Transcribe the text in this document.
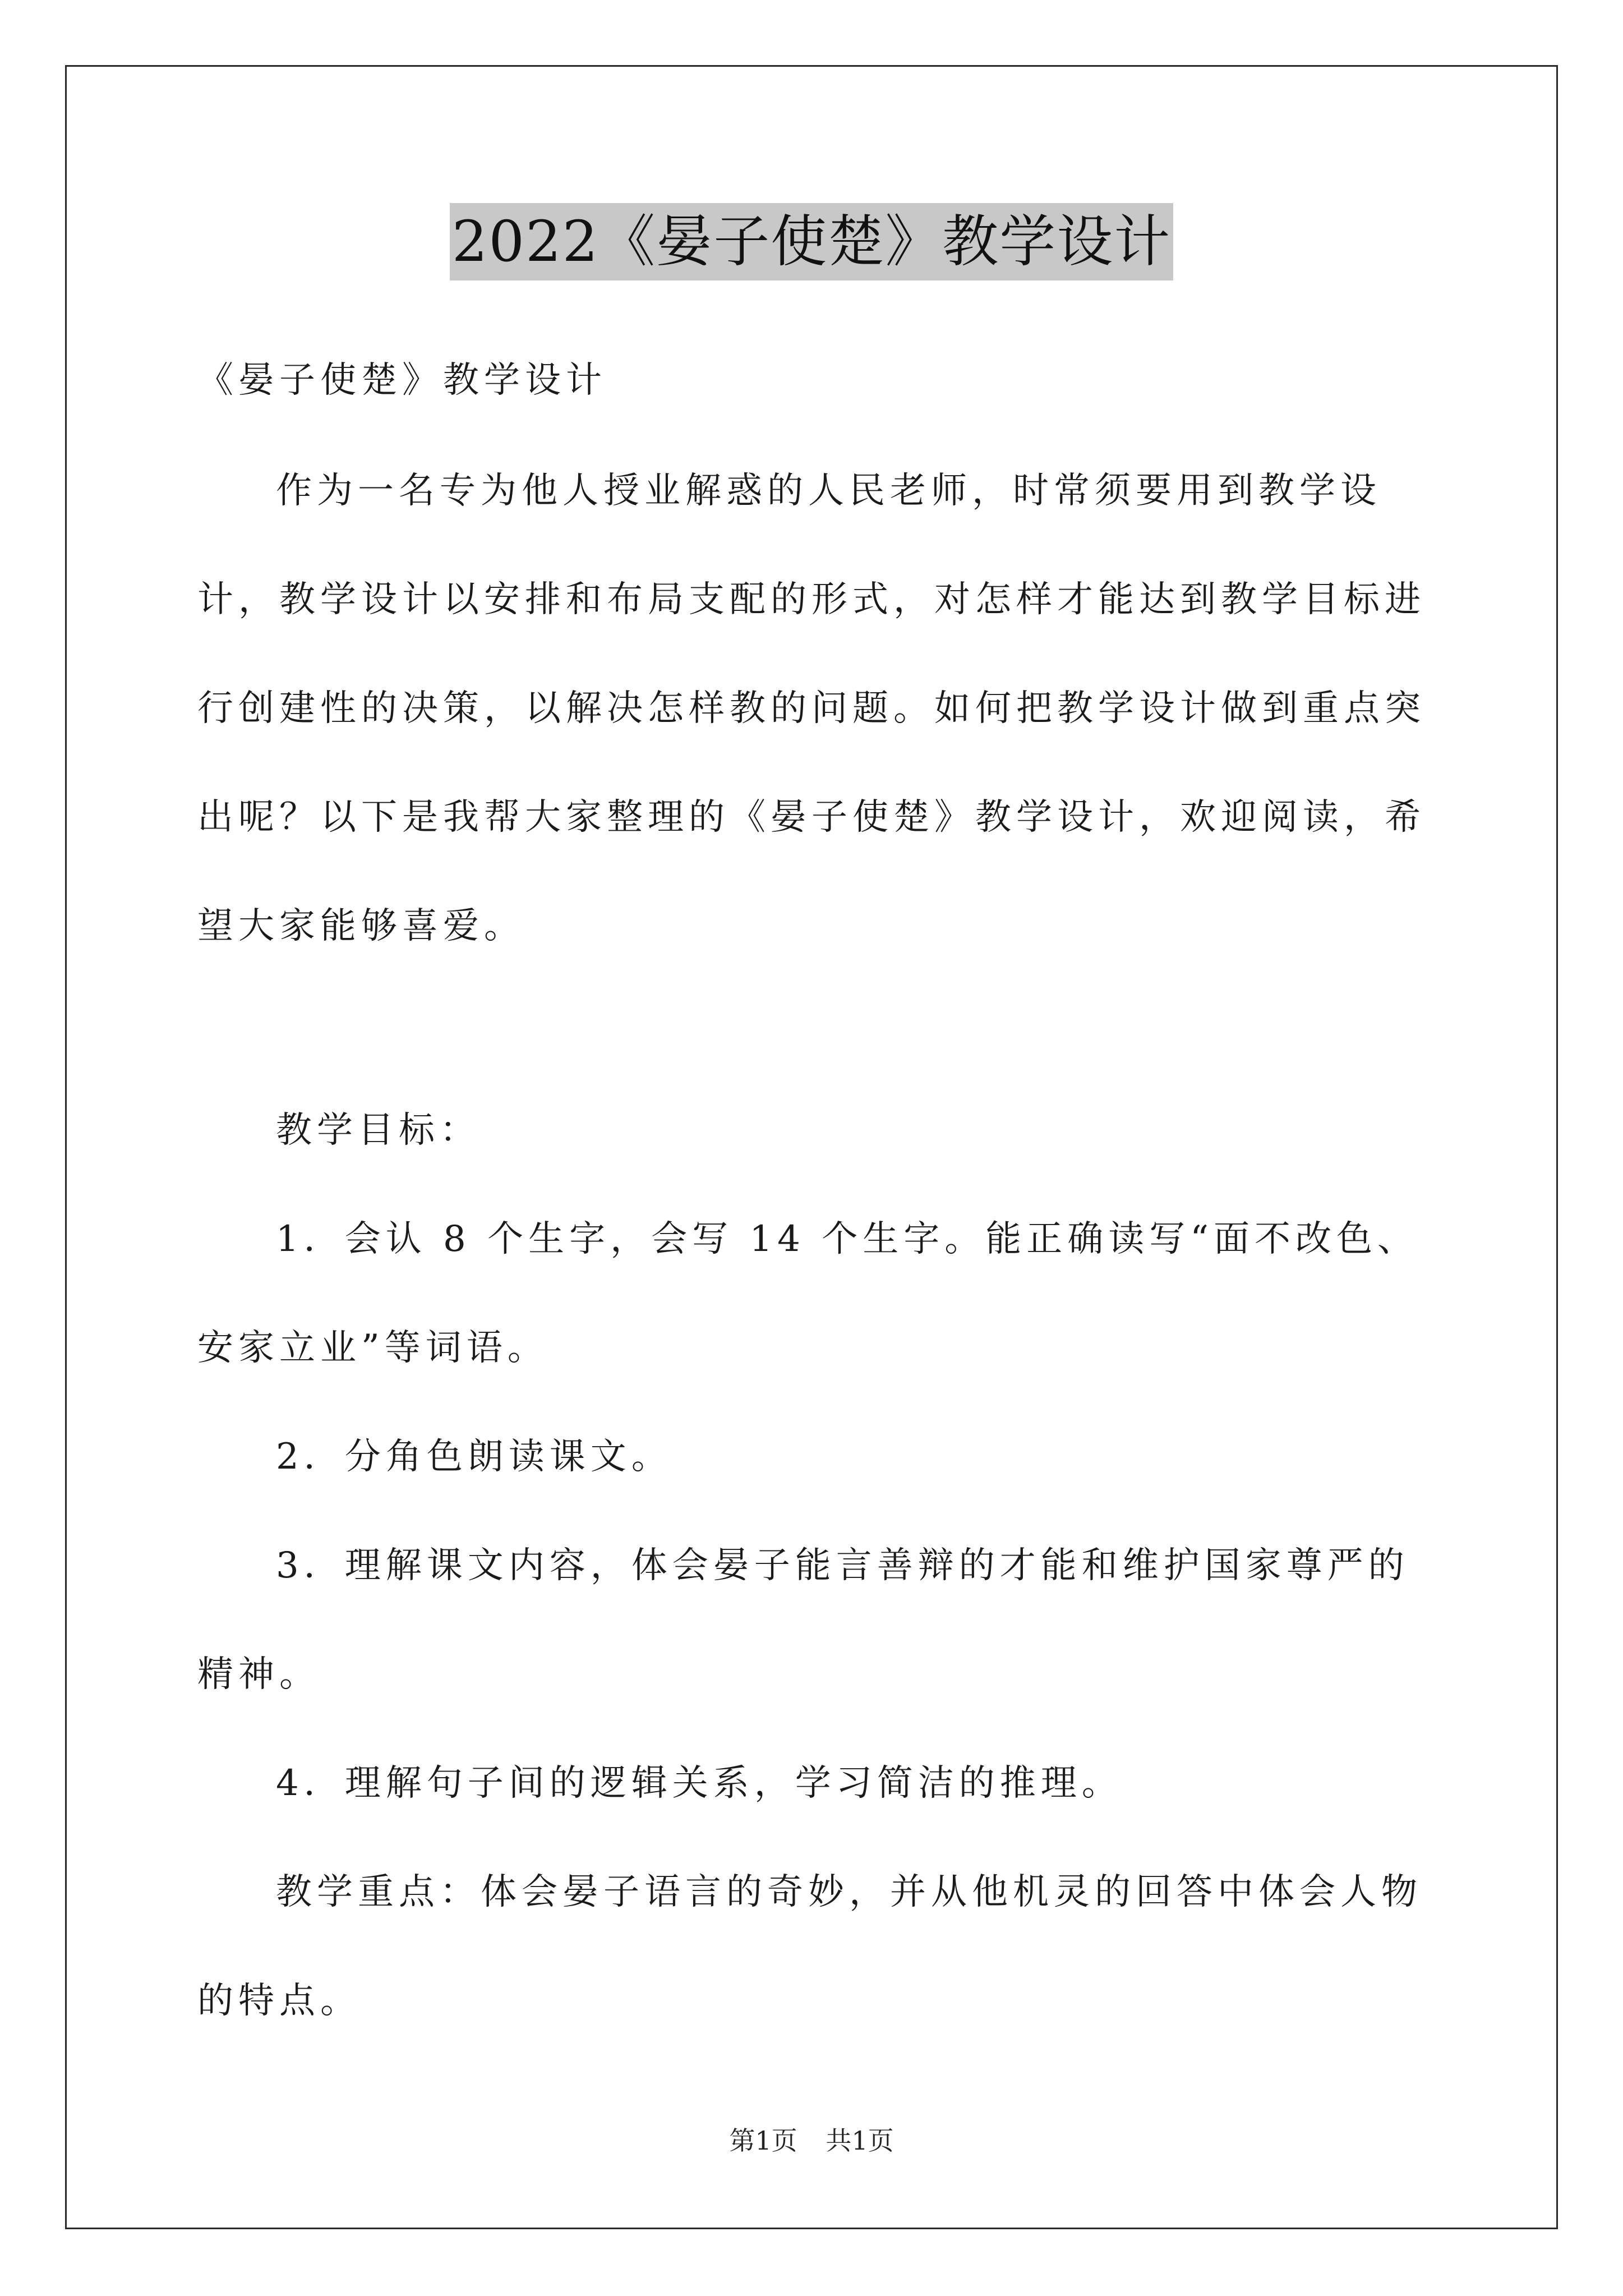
2022《晏子使楚》教学设计
《晏子使楚》教学设计

作为一名专为他人授业解惑的人民老师，时常须要用到教学设计，教学设计以安排和布局支配的形式，对怎样才能达到教学目标进行创建性的决策，以解决怎样教的问题。如何把教学设计做到重点突出呢？以下是我帮大家整理的《晏子使楚》教学设计，欢迎阅读，希望大家能够喜爱。

教学目标：

1．会认 8 个生字，会写 14 个生字。能正确读写“面不改色、安家立业”等词语。

2．分角色朗读课文。

3．理解课文内容，体会晏子能言善辩的才能和维护国家尊严的精神。

4．理解句子间的逻辑关系，学习简洁的推理。

教学重点：体会晏子语言的奇妙，并从他机灵的回答中体会人物的特点。

第1页 共1页
